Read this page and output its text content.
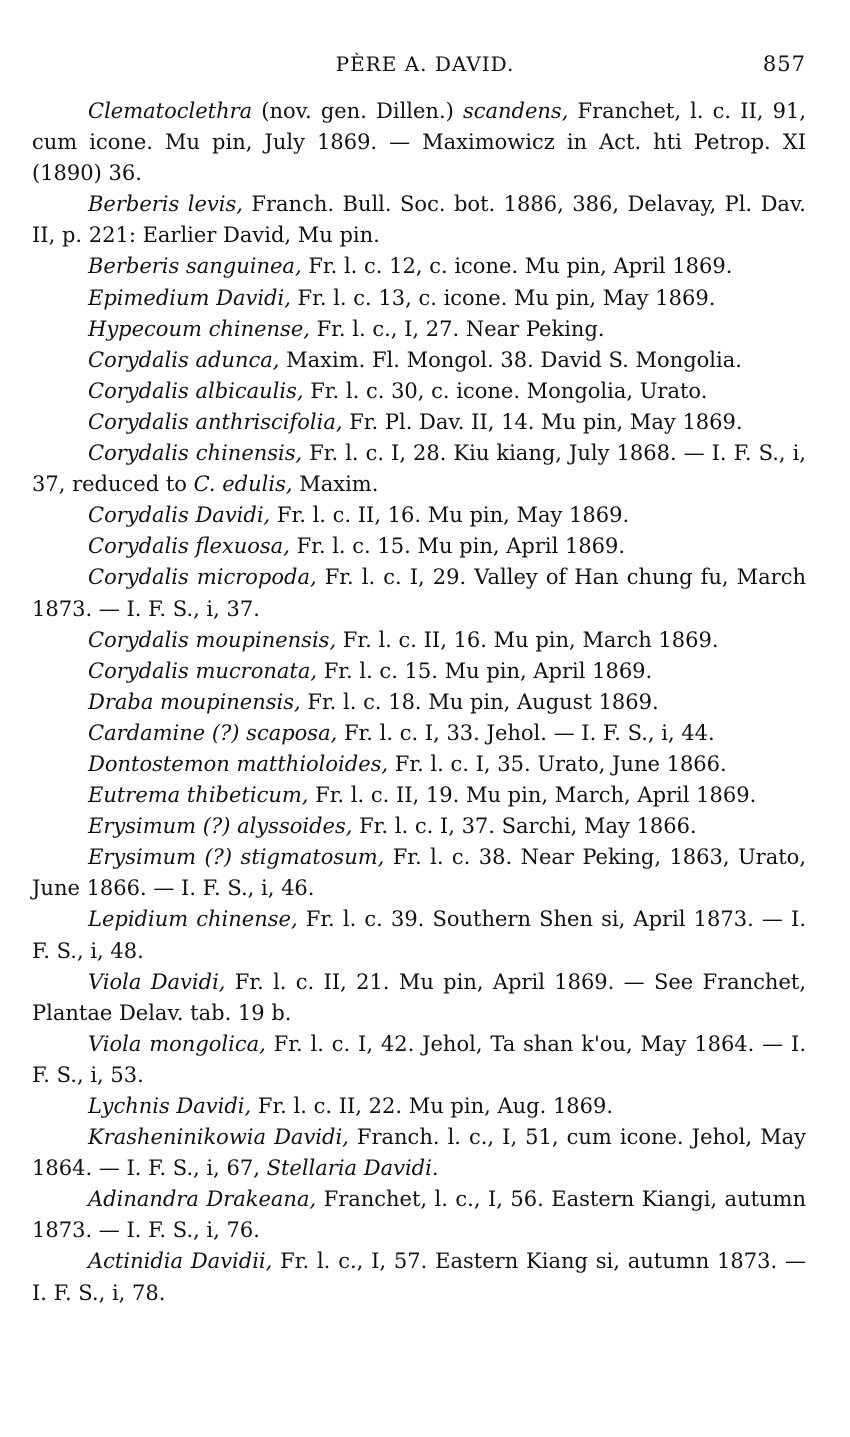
PÈRE A. DAVID.	857

Clematoclethra (nov. gen. Dillen.) scandens, Franchet, l. c. II, 91, cum icone. Mu pin, July 1869. — Maximowicz in Act. hti Petrop. XI (1890) 36.

Berberis levis, Franch. Bull. Soc. bot. 1886, 386, Delavay, Pl. Dav. II, p. 221: Earlier David, Mu pin.

Berberis sanguinea, Fr. l. c. 12, c. icone. Mu pin, April 1869.

Epimedium Davidi, Fr. l. c. 13, c. icone. Mu pin, May 1869.

Hypecoum chinense, Fr. l. c., I, 27. Near Peking.

Corydalis adunca, Maxim. Fl. Mongol. 38. David S. Mongolia.

Corydalis albicaulis, Fr. l. c. 30, c. icone. Mongolia, Urato.

Corydalis anthriscifolia, Fr. Pl. Dav. II, 14. Mu pin, May 1869.

Corydalis chinensis, Fr. l. c. I, 28. Kiu kiang, July 1868. — I. F. S., i, 37, reduced to C. edulis, Maxim.

Corydalis Davidi, Fr. l. c. II, 16. Mu pin, May 1869.

Corydalis flexuosa, Fr. l. c. 15. Mu pin, April 1869.

Corydalis micropoda, Fr. l. c. I, 29. Valley of Han chung fu, March 1873. — I. F. S., i, 37.

Corydalis moupinensis, Fr. l. c. II, 16. Mu pin, March 1869.

Corydalis mucronata, Fr. l. c. 15. Mu pin, April 1869.

Draba moupinensis, Fr. l. c. 18. Mu pin, August 1869.

Cardamine (?) scaposa, Fr. l. c. I, 33. Jehol. — I. F. S., i, 44.

Dontostemon matthioloides, Fr. l. c. I, 35. Urato, June 1866.

Eutrema thibeticum, Fr. l. c. II, 19. Mu pin, March, April 1869.

Erysimum (?) alyssoides, Fr. l. c. I, 37. Sarchi, May 1866.

Erysimum (?) stigmatosum, Fr. l. c. 38. Near Peking, 1863, Urato, June 1866. — I. F. S., i, 46.

Lepidium chinense, Fr. l. c. 39. Southern Shen si, April 1873. — I. F. S., i, 48.

Viola Davidi, Fr. l. c. II, 21. Mu pin, April 1869. — See Franchet, Plantae Delav. tab. 19 b.

Viola mongolica, Fr. l. c. I, 42. Jehol, Ta shan k'ou, May 1864. — I. F. S., i, 53.

Lychnis Davidi, Fr. l. c. II, 22. Mu pin, Aug. 1869.

Krasheninikowia Davidi, Franch. l. c., I, 51, cum icone. Jehol, May 1864. — I. F. S., i, 67, Stellaria Davidi.

Adinandra Drakeana, Franchet, l. c., I, 56. Eastern Kiangi, autumn 1873. — I. F. S., i, 76.

Actinidia Davidii, Fr. l. c., I, 57. Eastern Kiang si, autumn 1873. — I. F. S., i, 78.
